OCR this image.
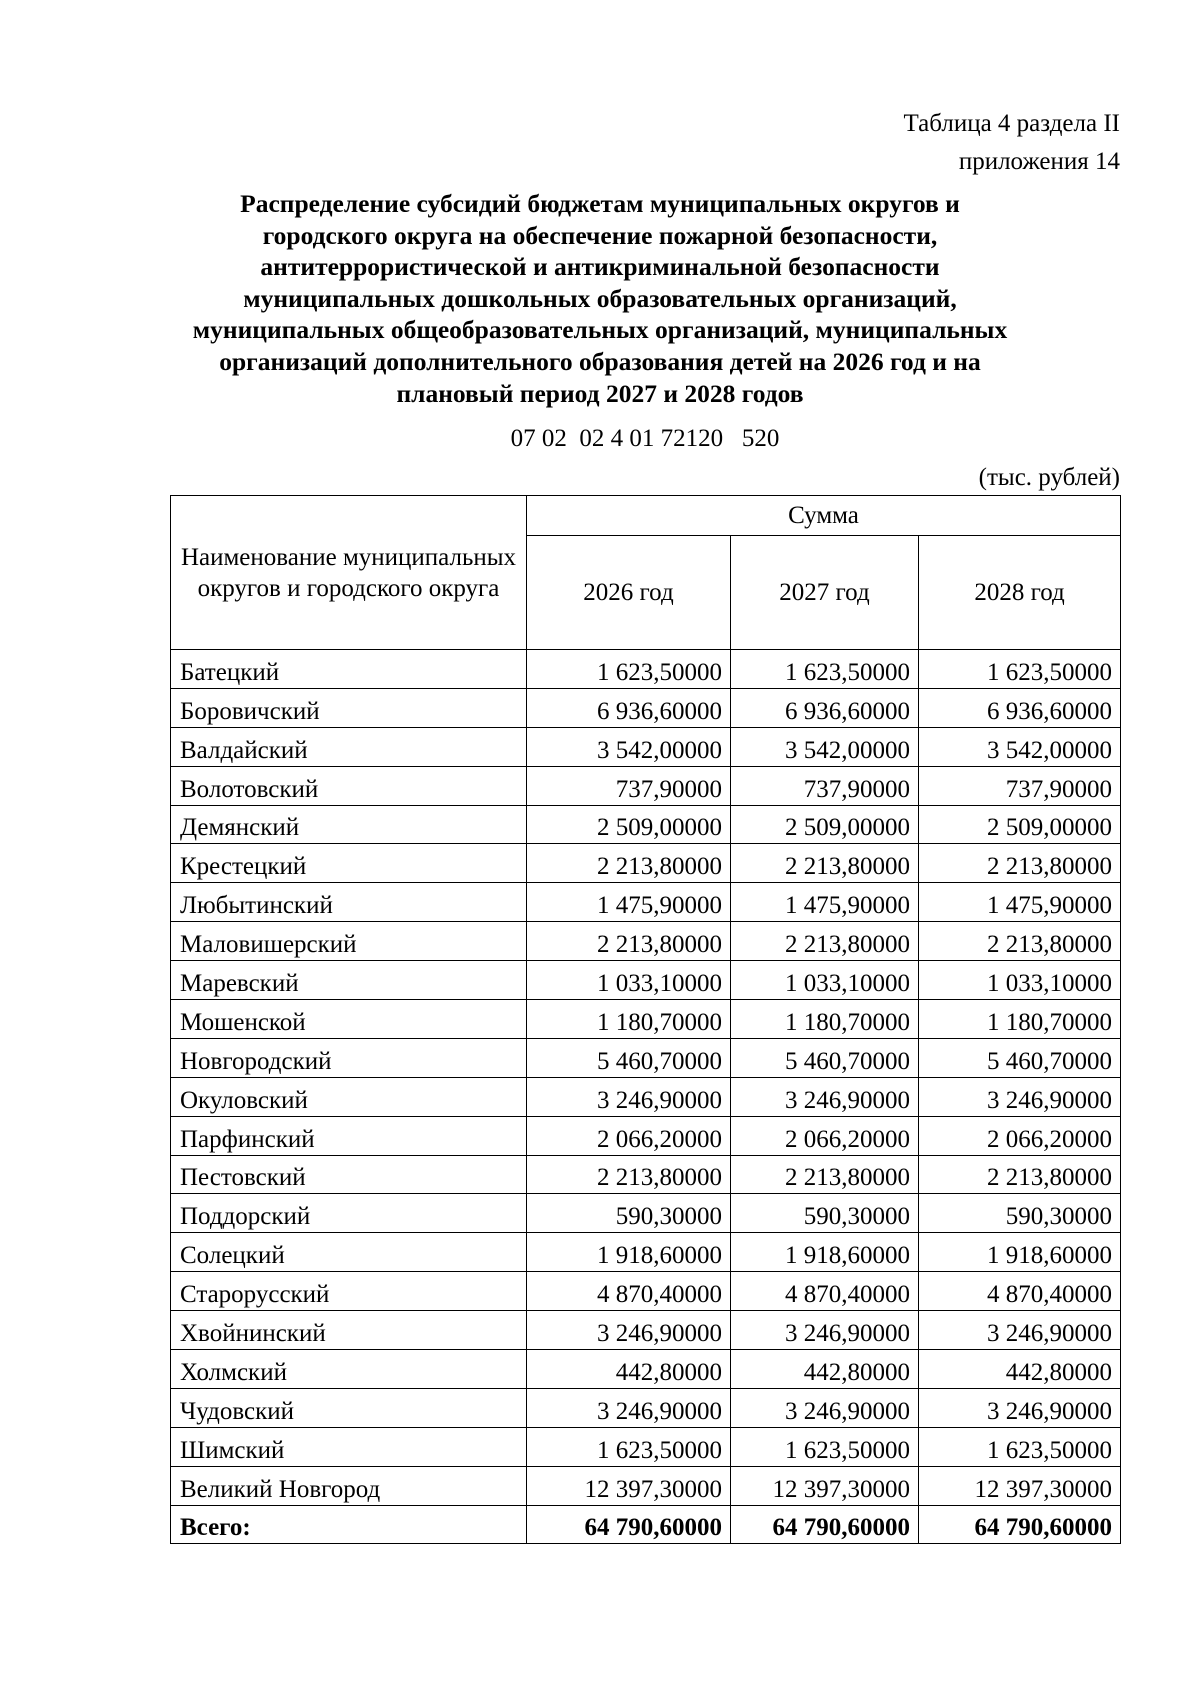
Таблица 4 раздела II
приложения 14
Распределение субсидий бюджетам муниципальных округов и
городского округа на обеспечение пожарной безопасности,
антитеррористической и антикриминальной безопасности
муниципальных дошкольных образовательных организаций,
муниципальных общеобразовательных организаций, муниципальных
организаций дополнительного образования детей на 2026 год и на
плановый период 2027 и 2028 годов
07 02  02 4 01 72120   520
(тыс. рублей)
Наименование муниципальных округов и городского округа	Сумма		
	2026 год	2027 год	2028 год
Батецкий	1 623,50000	1 623,50000	1 623,50000
Боровичский	6 936,60000	6 936,60000	6 936,60000
Валдайский	3 542,00000	3 542,00000	3 542,00000
Волотовский	737,90000	737,90000	737,90000
Демянский	2 509,00000	2 509,00000	2 509,00000
Крестецкий	2 213,80000	2 213,80000	2 213,80000
Любытинский	1 475,90000	1 475,90000	1 475,90000
Маловишерский	2 213,80000	2 213,80000	2 213,80000
Маревский	1 033,10000	1 033,10000	1 033,10000
Мошенской	1 180,70000	1 180,70000	1 180,70000
Новгородский	5 460,70000	5 460,70000	5 460,70000
Окуловский	3 246,90000	3 246,90000	3 246,90000
Парфинский	2 066,20000	2 066,20000	2 066,20000
Пестовский	2 213,80000	2 213,80000	2 213,80000
Поддорский	590,30000	590,30000	590,30000
Солецкий	1 918,60000	1 918,60000	1 918,60000
Старорусский	4 870,40000	4 870,40000	4 870,40000
Хвойнинский	3 246,90000	3 246,90000	3 246,90000
Холмский	442,80000	442,80000	442,80000
Чудовский	3 246,90000	3 246,90000	3 246,90000
Шимский	1 623,50000	1 623,50000	1 623,50000
Великий Новгород	12 397,30000	12 397,30000	12 397,30000
Всего:	64 790,60000	64 790,60000	64 790,60000
